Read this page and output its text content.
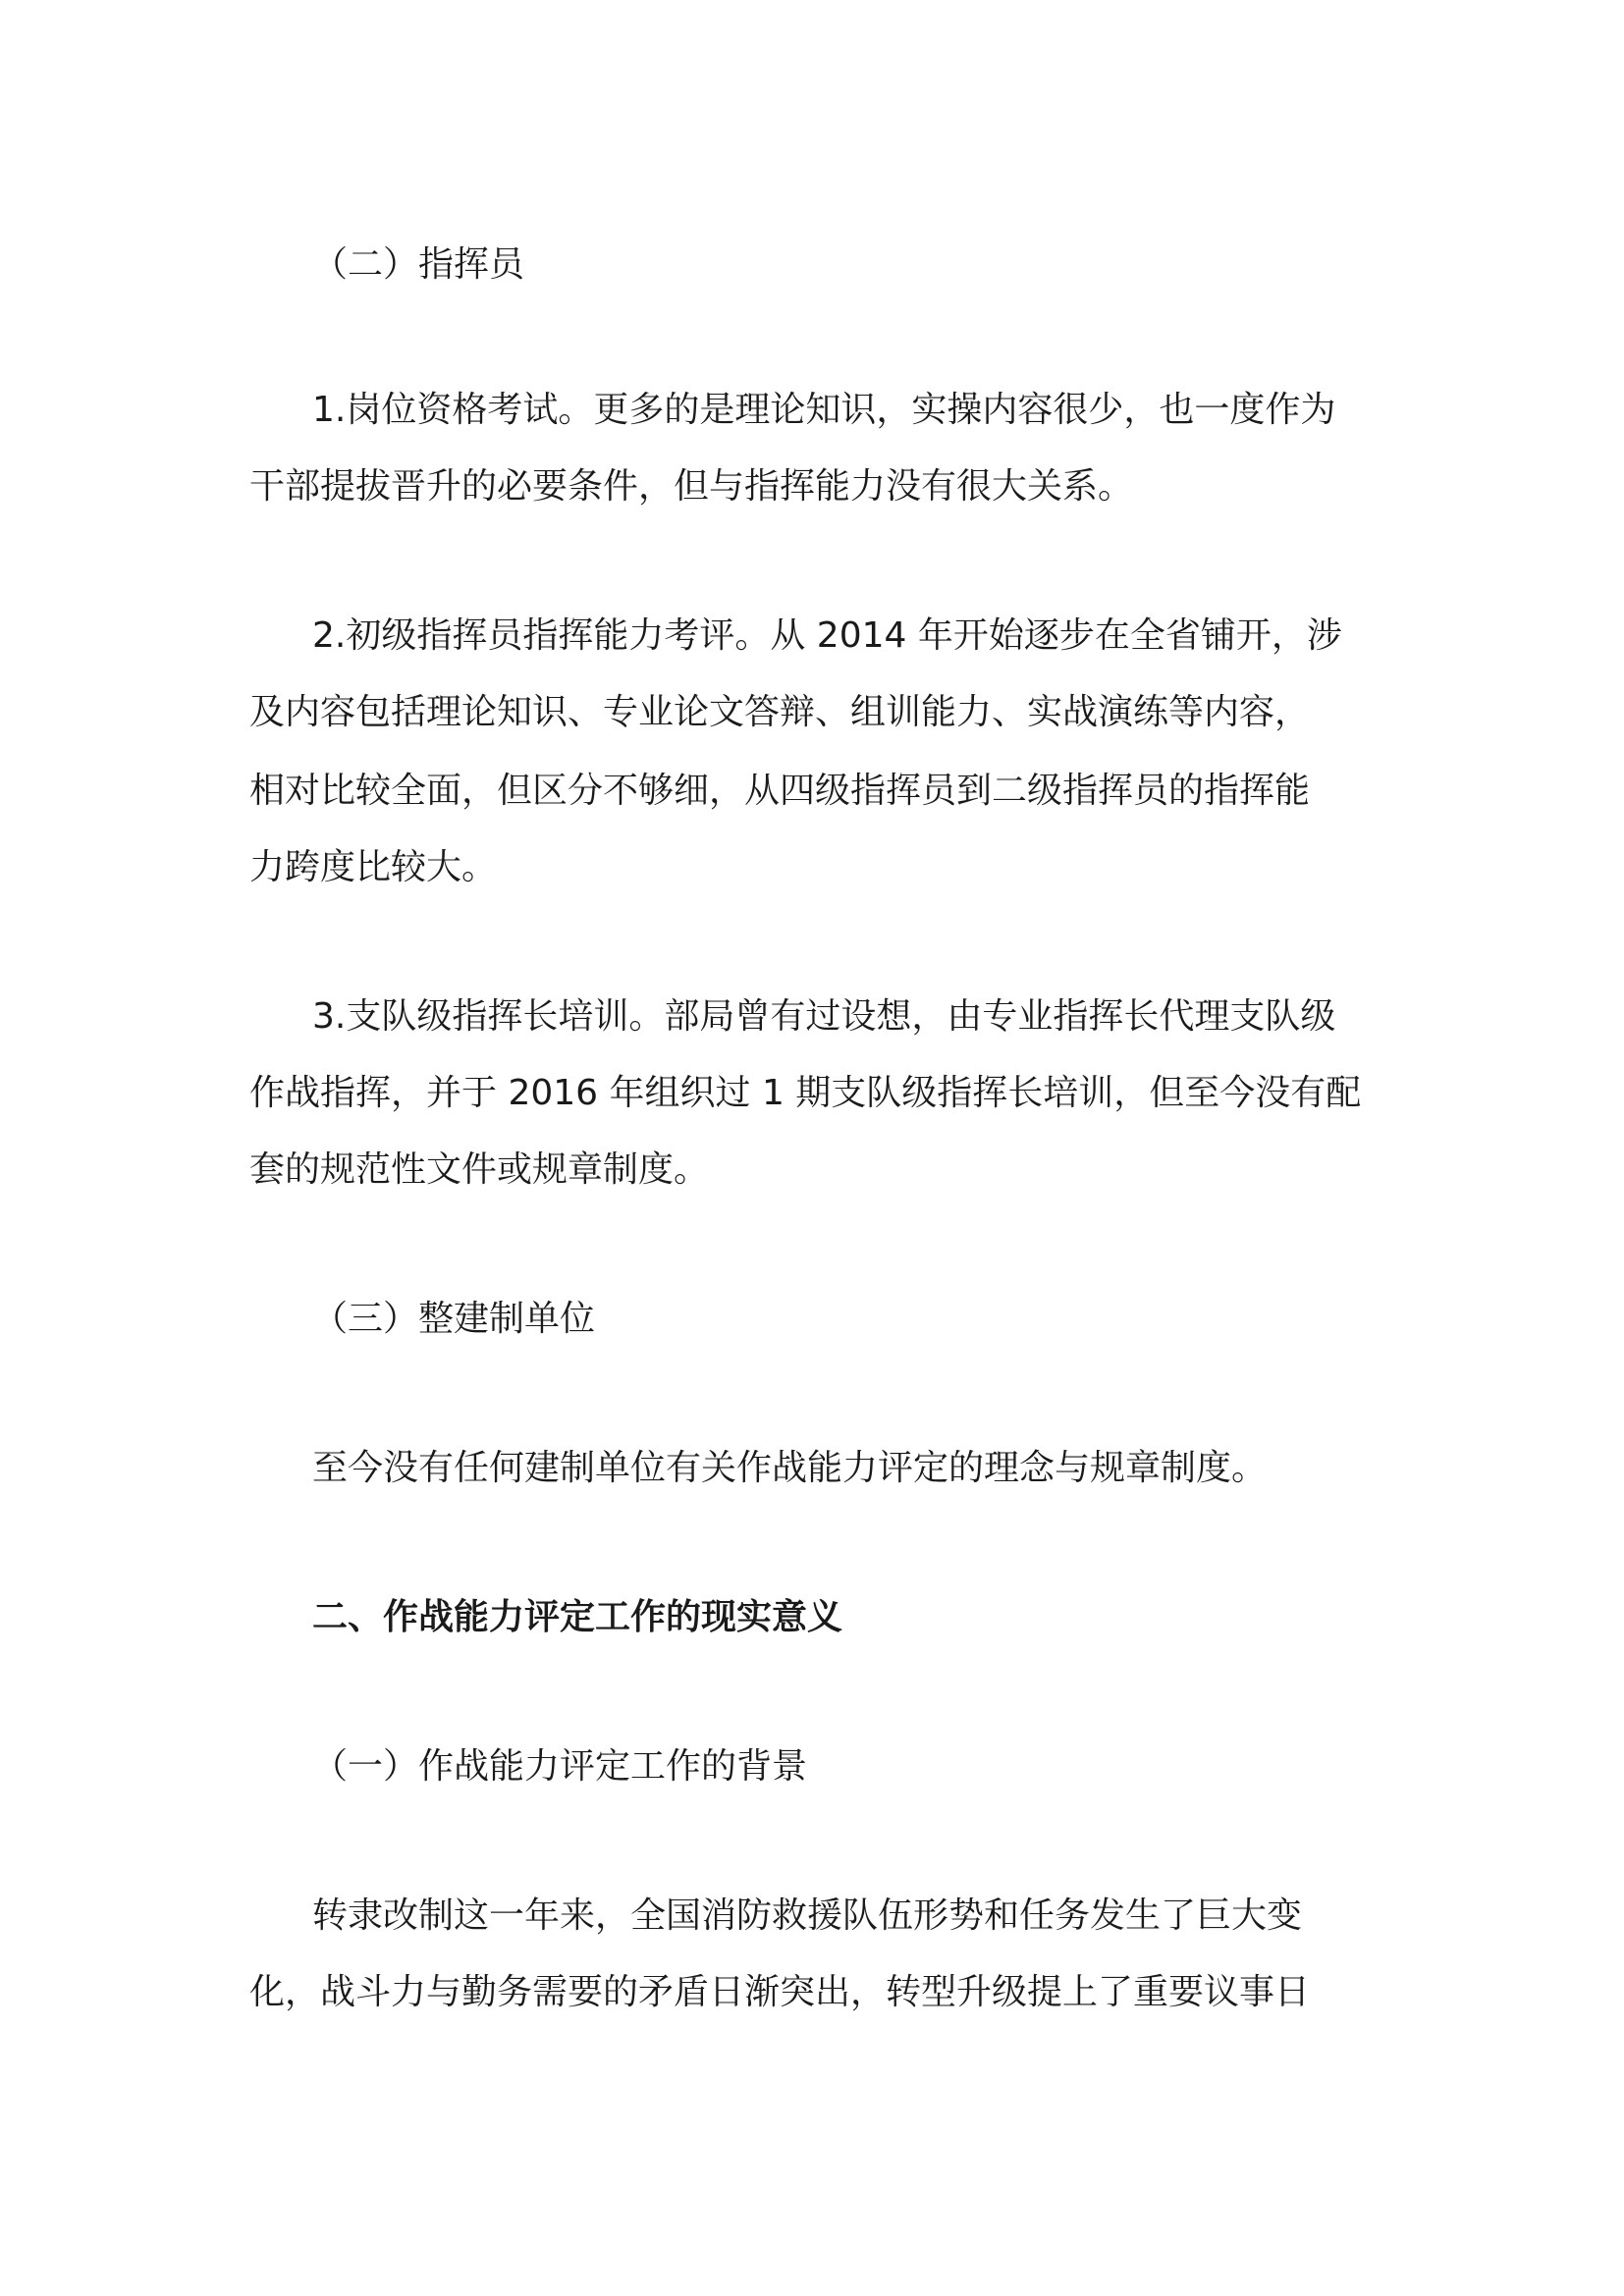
（二）指挥员
1.岗位资格考试。更多的是理论知识，实操内容很少，也一度作为
干部提拔晋升的必要条件，但与指挥能力没有很大关系。
2.初级指挥员指挥能力考评。从 2014 年开始逐步在全省铺开，涉
及内容包括理论知识、专业论文答辩、组训能力、实战演练等内容，
相对比较全面，但区分不够细，从四级指挥员到二级指挥员的指挥能
力跨度比较大。
3.支队级指挥长培训。部局曾有过设想，由专业指挥长代理支队级
作战指挥，并于 2016 年组织过 1 期支队级指挥长培训，但至今没有配
套的规范性文件或规章制度。
（三）整建制单位
至今没有任何建制单位有关作战能力评定的理念与规章制度。
二、作战能力评定工作的现实意义
（一）作战能力评定工作的背景
转隶改制这一年来，全国消防救援队伍形势和任务发生了巨大变
化，战斗力与勤务需要的矛盾日渐突出，转型升级提上了重要议事日
